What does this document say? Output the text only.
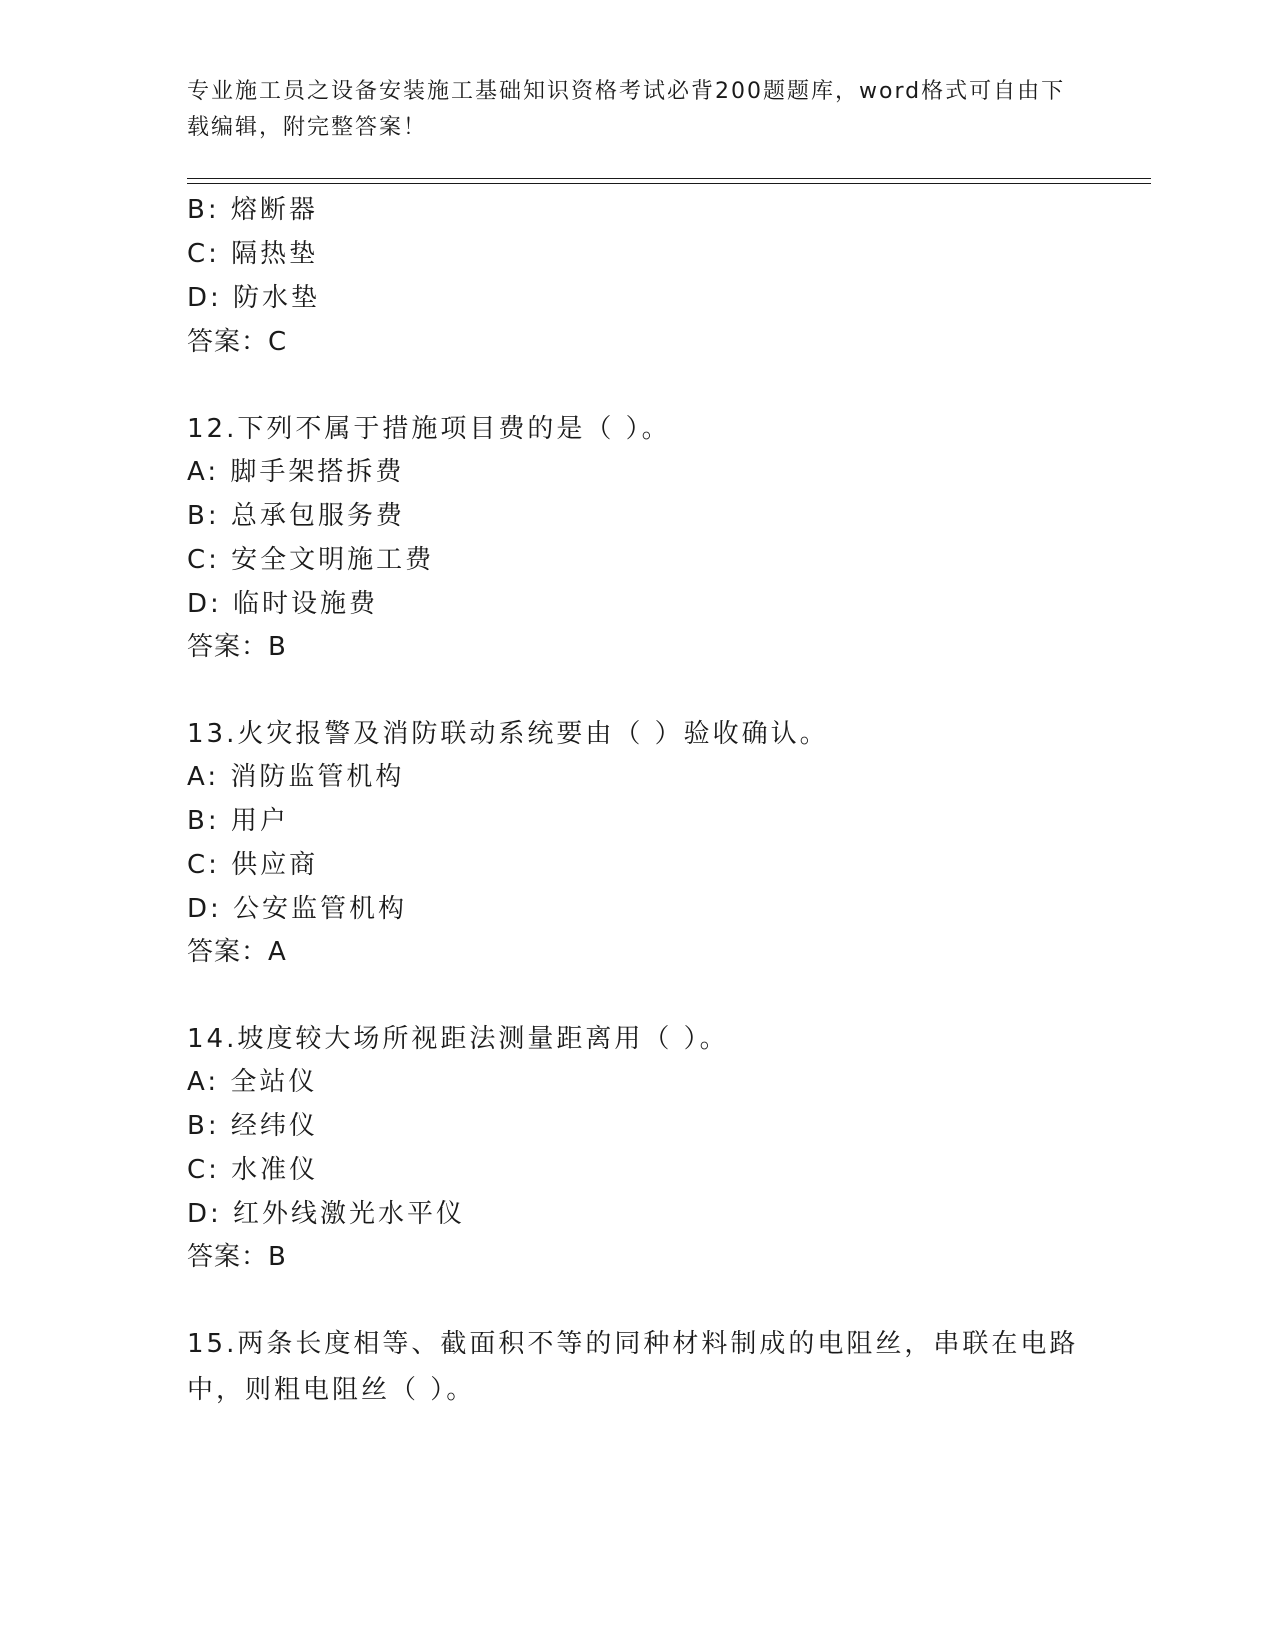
专业施工员之设备安装施工基础知识资格考试必背200题题库，word格式可自由下载编辑，附完整答案！
B: 熔断器
C: 隔热垫
D: 防水垫
答案：C
12.下列不属于措施项目费的是（ ）。
A: 脚手架搭拆费
B: 总承包服务费
C: 安全文明施工费
D: 临时设施费
答案：B
13.火灾报警及消防联动系统要由（ ）验收确认。
A: 消防监管机构
B: 用户
C: 供应商
D: 公安监管机构
答案：A
14.坡度较大场所视距法测量距离用（ ）。
A: 全站仪
B: 经纬仪
C: 水准仪
D: 红外线激光水平仪
答案：B
15.两条长度相等、截面积不等的同种材料制成的电阻丝，串联在电路中，则粗电阻丝（ ）。
